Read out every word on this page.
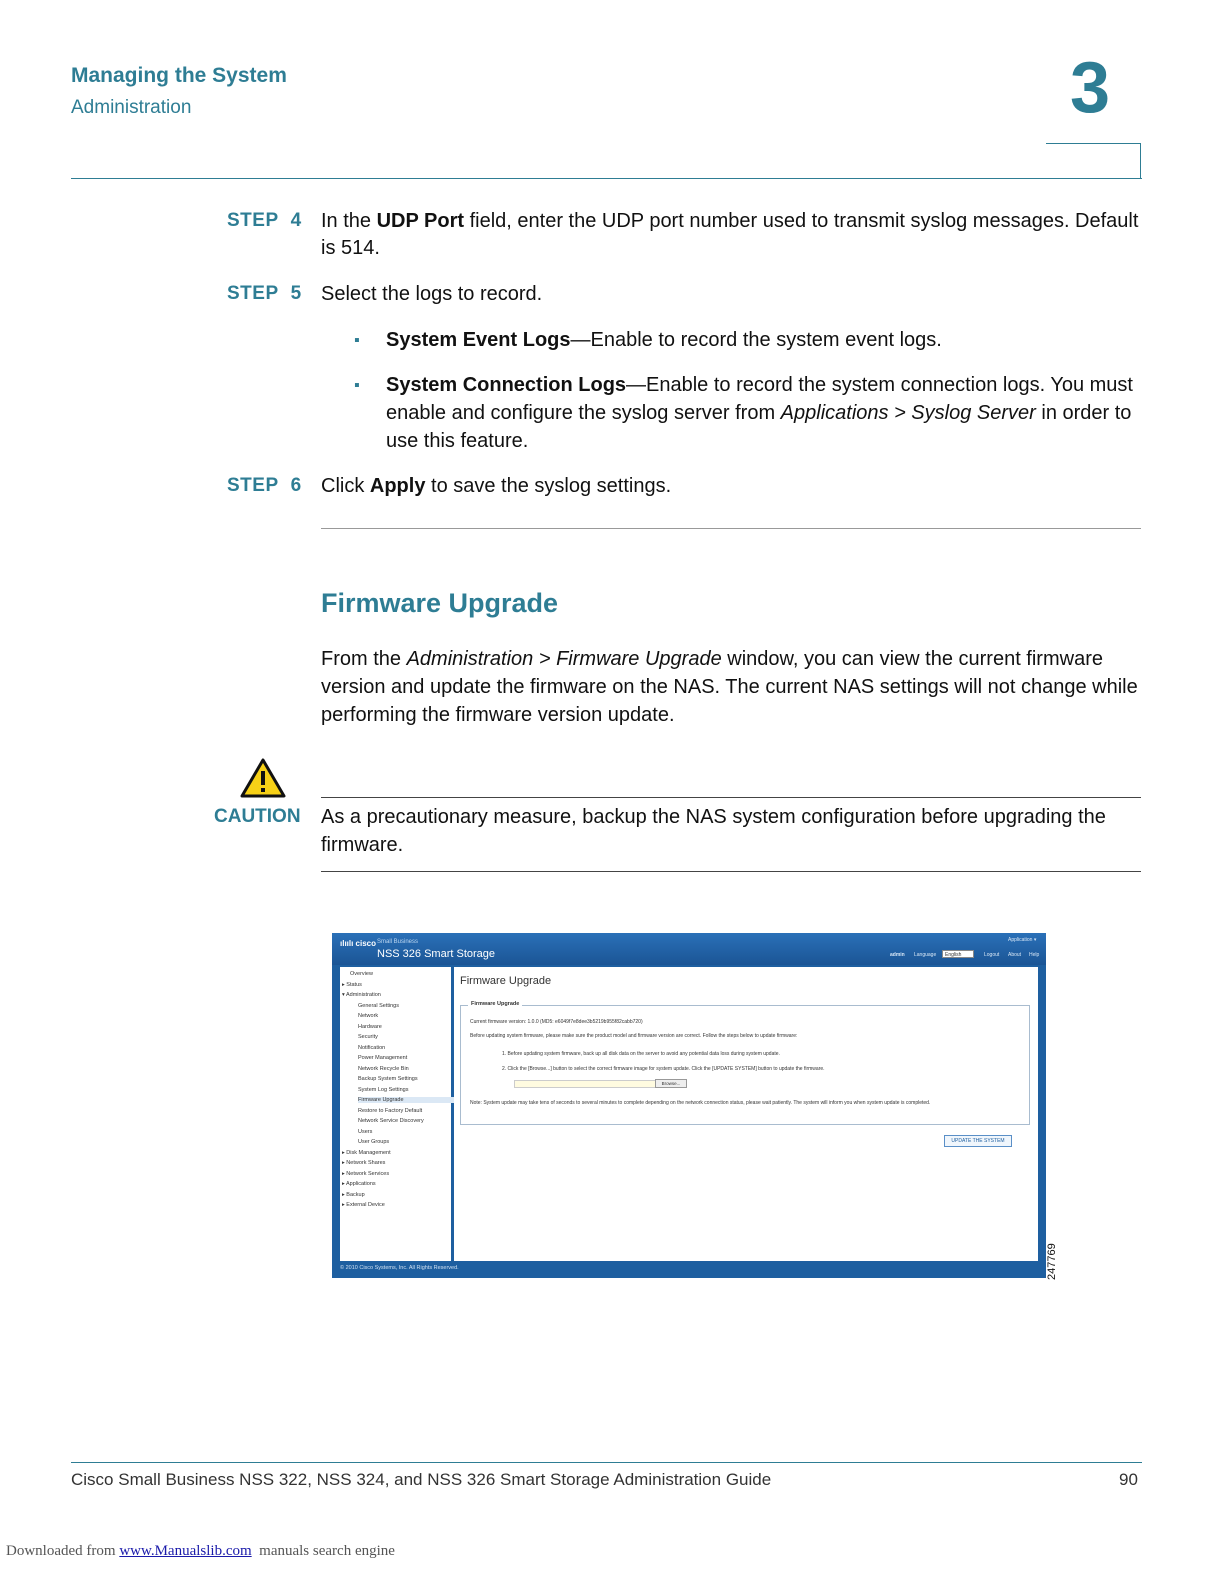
Managing the System
Administration	3
STEP 4 In the UDP Port field, enter the UDP port number used to transmit syslog messages. Default is 514.
STEP 5 Select the logs to record.
▪ System Event Logs—Enable to record the system event logs.
▪ System Connection Logs—Enable to record the system connection logs. You must enable and configure the syslog server from Applications > Syslog Server in order to use this feature.
STEP 6 Click Apply to save the syslog settings.
Firmware Upgrade
From the Administration > Firmware Upgrade window, you can view the current firmware version and update the firmware on the NAS. The current NAS settings will not change while performing the firmware version update.
CAUTION As a precautionary measure, backup the NAS system configuration before upgrading the firmware.
ılıılı cisco Small Business
NSS 326 Smart Storage
Application ▾
admin Language	English	Logout About Help
Overview
▸ Status
▾ Administration
General Settings
Network
Hardware
Security
Notification
Power Management
Network Recycle Bin
Backup System Settings
System Log Settings
Firmware Upgrade
Restore to Factory Default
Network Service Discovery
Users
User Groups
▸ Disk Management
▸ Network Shares
▸ Network Services
▸ Applications
▸ Backup
▸ External Device
Firmware Upgrade
Firmware Upgrade
Current firmware version: 1.0.0 (MD5: e6049f7e8dee3b5219b955f82cabb720)
Before updating system firmware, please make sure the product model and firmware version are correct. Follow the steps below to update firmware:
1. Before updating system firmware, back up all disk data on the server to avoid any potential data loss during system update.
2. Click the [Browse...] button to select the correct firmware image for system update. Click the [UPDATE SYSTEM] button to update the firmware.
Browse...
Note: System update may take tens of seconds to several minutes to complete depending on the network connection status, please wait patiently. The system will inform you when system update is completed.
UPDATE THE SYSTEM
© 2010 Cisco Systems, Inc. All Rights Reserved.	247769
Cisco Small Business NSS 322, NSS 324, and NSS 326 Smart Storage Administration Guide	90
Downloaded from www.Manualslib.com  manuals search engine
